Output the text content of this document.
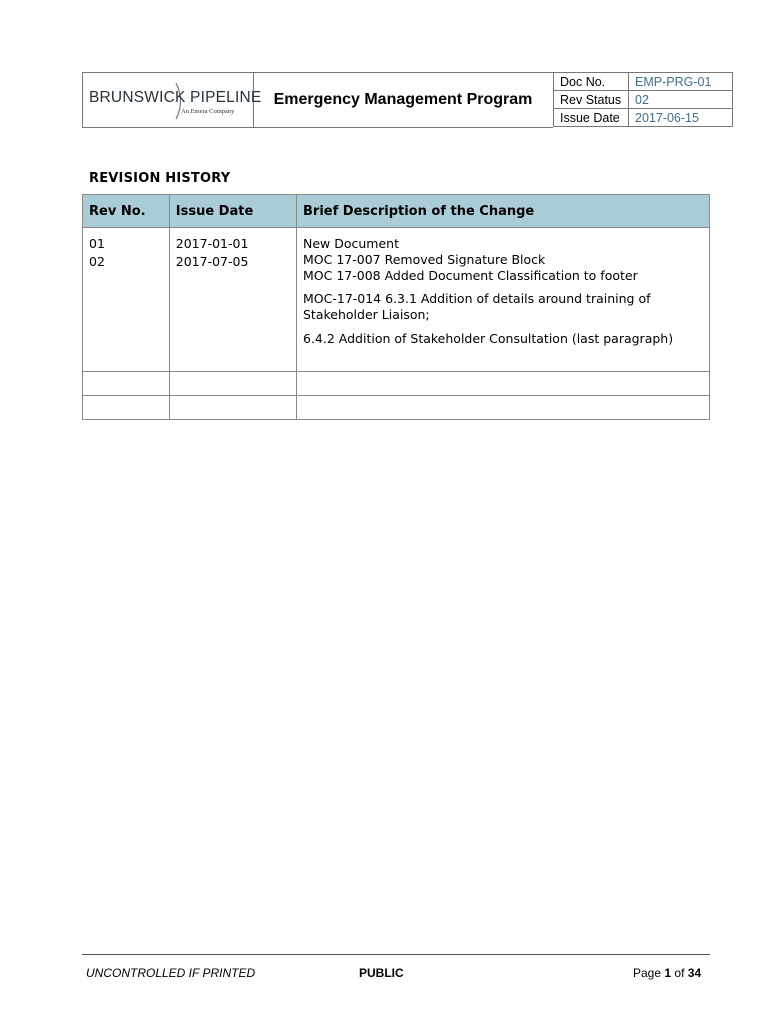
BRUNSWICK PIPELINE
An Emera Company
Emergency Management Program
Doc No.	EMP-PRG-01
Rev Status	02
Issue Date	2017-06-15
REVISION HISTORY
Rev No.	Issue Date	Brief Description of the Change

01	2017-01-01	New Document

02	2017-07-05	MOC 17-007 Removed Signature Block
MOC 17-008 Added Document Classification to footer

MOC-17-014 6.3.1 Addition of details around training of Stakeholder Liaison;

6.4.2 Addition of Stakeholder Consultation (last paragraph)

UNCONTROLLED IF PRINTED	PUBLIC	Page 1 of 34
